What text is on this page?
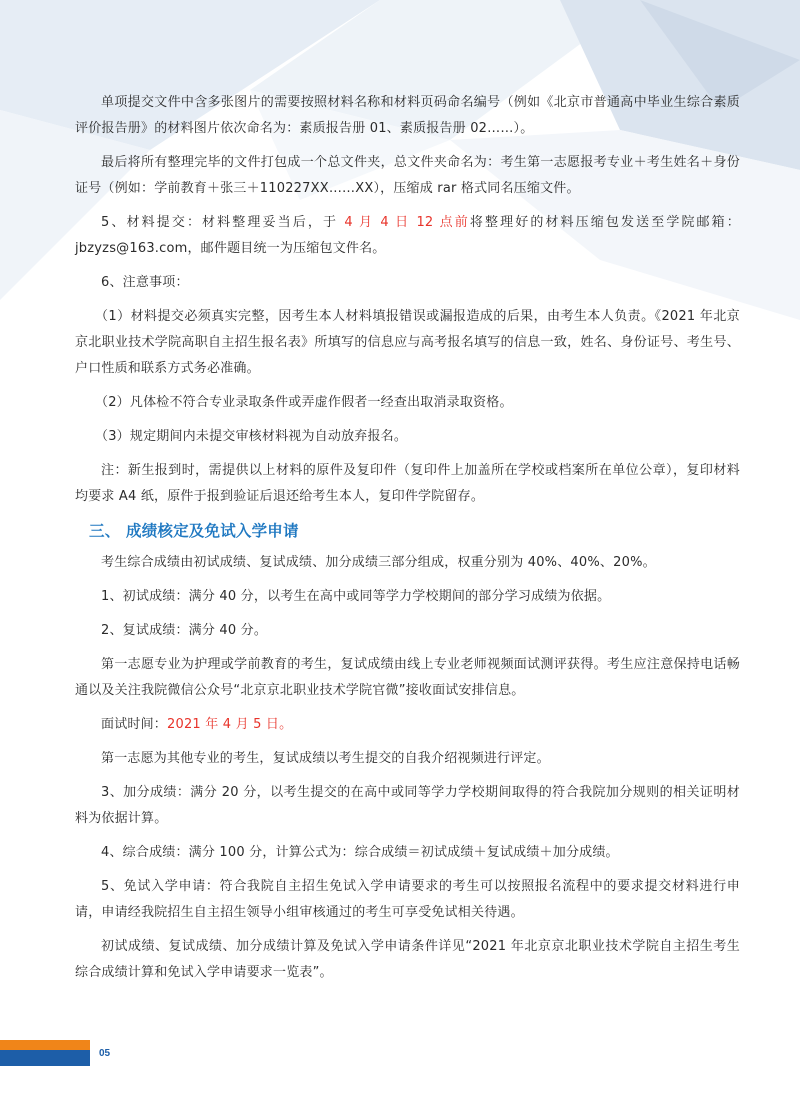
单项提交文件中含多张图片的需要按照材料名称和材料页码命名编号（例如《北京市普通高中毕业生综合素质评价报告册》的材料图片依次命名为：素质报告册 01、素质报告册 02……）。

最后将所有整理完毕的文件打包成一个总文件夹，总文件夹命名为：考生第一志愿报考专业＋考生姓名＋身份证号（例如：学前教育＋张三＋110227XX……XX），压缩成 rar 格式同名压缩文件。

5、材料提交：材料整理妥当后，于 4 月 4 日 12 点前将整理好的材料压缩包发送至学院邮箱：jbzyzs@163.com，邮件题目统一为压缩包文件名。

6、注意事项：

（1）材料提交必须真实完整，因考生本人材料填报错误或漏报造成的后果，由考生本人负责。《2021 年北京京北职业技术学院高职自主招生报名表》所填写的信息应与高考报名填写的信息一致，姓名、身份证号、考生号、户口性质和联系方式务必准确。

（2）凡体检不符合专业录取条件或弄虚作假者一经查出取消录取资格。

（3）规定期间内未提交审核材料视为自动放弃报名。

注：新生报到时，需提供以上材料的原件及复印件（复印件上加盖所在学校或档案所在单位公章），复印材料均要求 A4 纸，原件于报到验证后退还给考生本人，复印件学院留存。

三、 成绩核定及免试入学申请

考生综合成绩由初试成绩、复试成绩、加分成绩三部分组成，权重分别为 40%、40%、20%。

1、初试成绩：满分 40 分，以考生在高中或同等学力学校期间的部分学习成绩为依据。

2、复试成绩：满分 40 分。

第一志愿专业为护理或学前教育的考生，复试成绩由线上专业老师视频面试测评获得。考生应注意保持电话畅通以及关注我院微信公众号“北京京北职业技术学院官微”接收面试安排信息。

面试时间：2021 年 4 月 5 日。

第一志愿为其他专业的考生，复试成绩以考生提交的自我介绍视频进行评定。

3、加分成绩：满分 20 分，以考生提交的在高中或同等学力学校期间取得的符合我院加分规则的相关证明材料为依据计算。

4、综合成绩：满分 100 分，计算公式为：综合成绩＝初试成绩＋复试成绩＋加分成绩。

5、免试入学申请：符合我院自主招生免试入学申请要求的考生可以按照报名流程中的要求提交材料进行申请，申请经我院招生自主招生领导小组审核通过的考生可享受免试相关待遇。

初试成绩、复试成绩、加分成绩计算及免试入学申请条件详见“2021 年北京京北职业技术学院自主招生考生综合成绩计算和免试入学申请要求一览表”。

05
